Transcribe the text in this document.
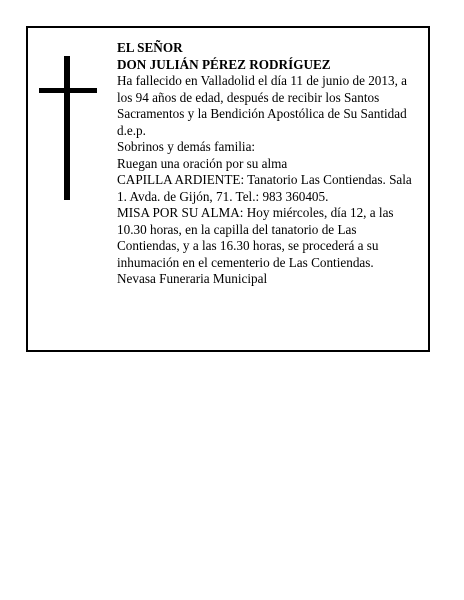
EL SEÑOR
DON JULIÁN PÉREZ RODRÍGUEZ
Ha fallecido en Valladolid el día 11 de junio de 2013, a los 94 años de edad, después de recibir los Santos Sacramentos y la Bendición Apostólica de Su Santidad d.e.p.
Sobrinos y demás familia:
Ruegan una oración por su alma
CAPILLA ARDIENTE: Tanatorio Las Contiendas. Sala 1. Avda. de Gijón, 71. Tel.: 983 360405.
MISA POR SU ALMA: Hoy miércoles, día 12, a las 10.30 horas, en la capilla del tanatorio de Las Contiendas, y a las 16.30 horas, se procederá a su inhumación en el cementerio de Las Contiendas.
Nevasa Funeraria Municipal
